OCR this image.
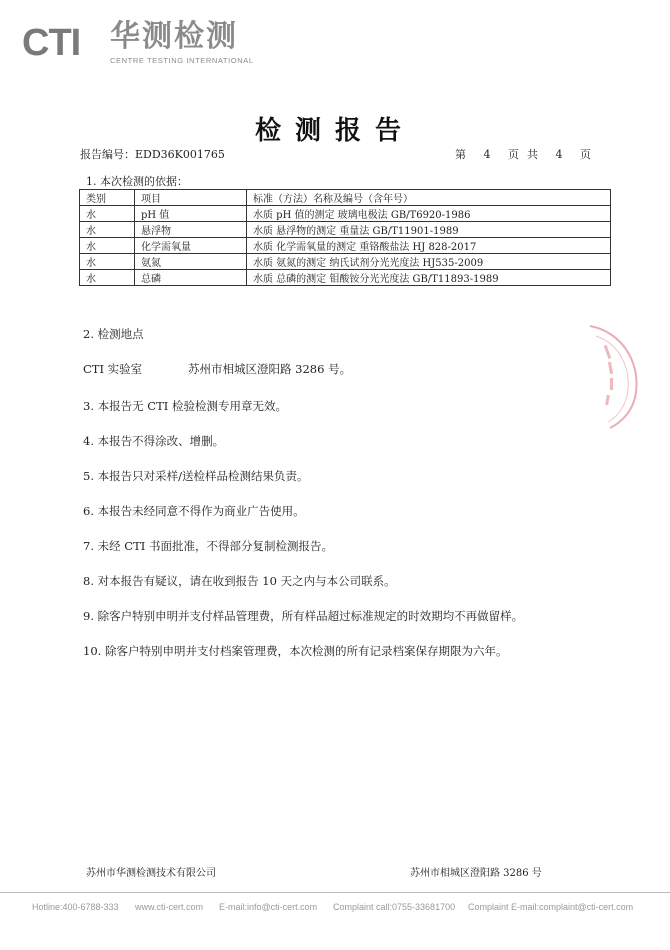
CTI 华测检测
CENTRE TESTING INTERNATIONAL
检测报告
报告编号：EDD36K001765	第 4 页共 4 页
1. 本次检测的依据：
类别	项目	标准（方法）名称及编号（含年号）
水	pH 值	水质 pH 值的测定 玻璃电极法 GB/T6920-1986
水	悬浮物	水质 悬浮物的测定 重量法 GB/T11901-1989
水	化学需氧量	水质 化学需氧量的测定 重铬酸盐法 HJ 828-2017
水	氨氮	水质 氨氮的测定 纳氏试剂分光光度法 HJ535-2009
水	总磷	水质 总磷的测定 钼酸铵分光光度法 GB/T11893-1989
2. 检测地点
CTI 实验室	苏州市相城区澄阳路 3286 号。
3. 本报告无 CTI 检验检测专用章无效。
4. 本报告不得涂改、增删。
5. 本报告只对采样/送检样品检测结果负责。
6. 本报告未经同意不得作为商业广告使用。
7. 未经 CTI 书面批准，不得部分复制检测报告。
8. 对本报告有疑议，请在收到报告 10 天之内与本公司联系。
9. 除客户特别申明并支付样品管理费，所有样品超过标准规定的时效期均不再做留样。
10. 除客户特别申明并支付档案管理费，本次检测的所有记录档案保存期限为六年。
苏州市华测检测技术有限公司	苏州市相城区澄阳路 3286 号
Hotline:400-6788-333 www.cti-cert.com E-mail:info@cti-cert.com Complaint call:0755-33681700 Complaint E-mail:complaint@cti-cert.com
